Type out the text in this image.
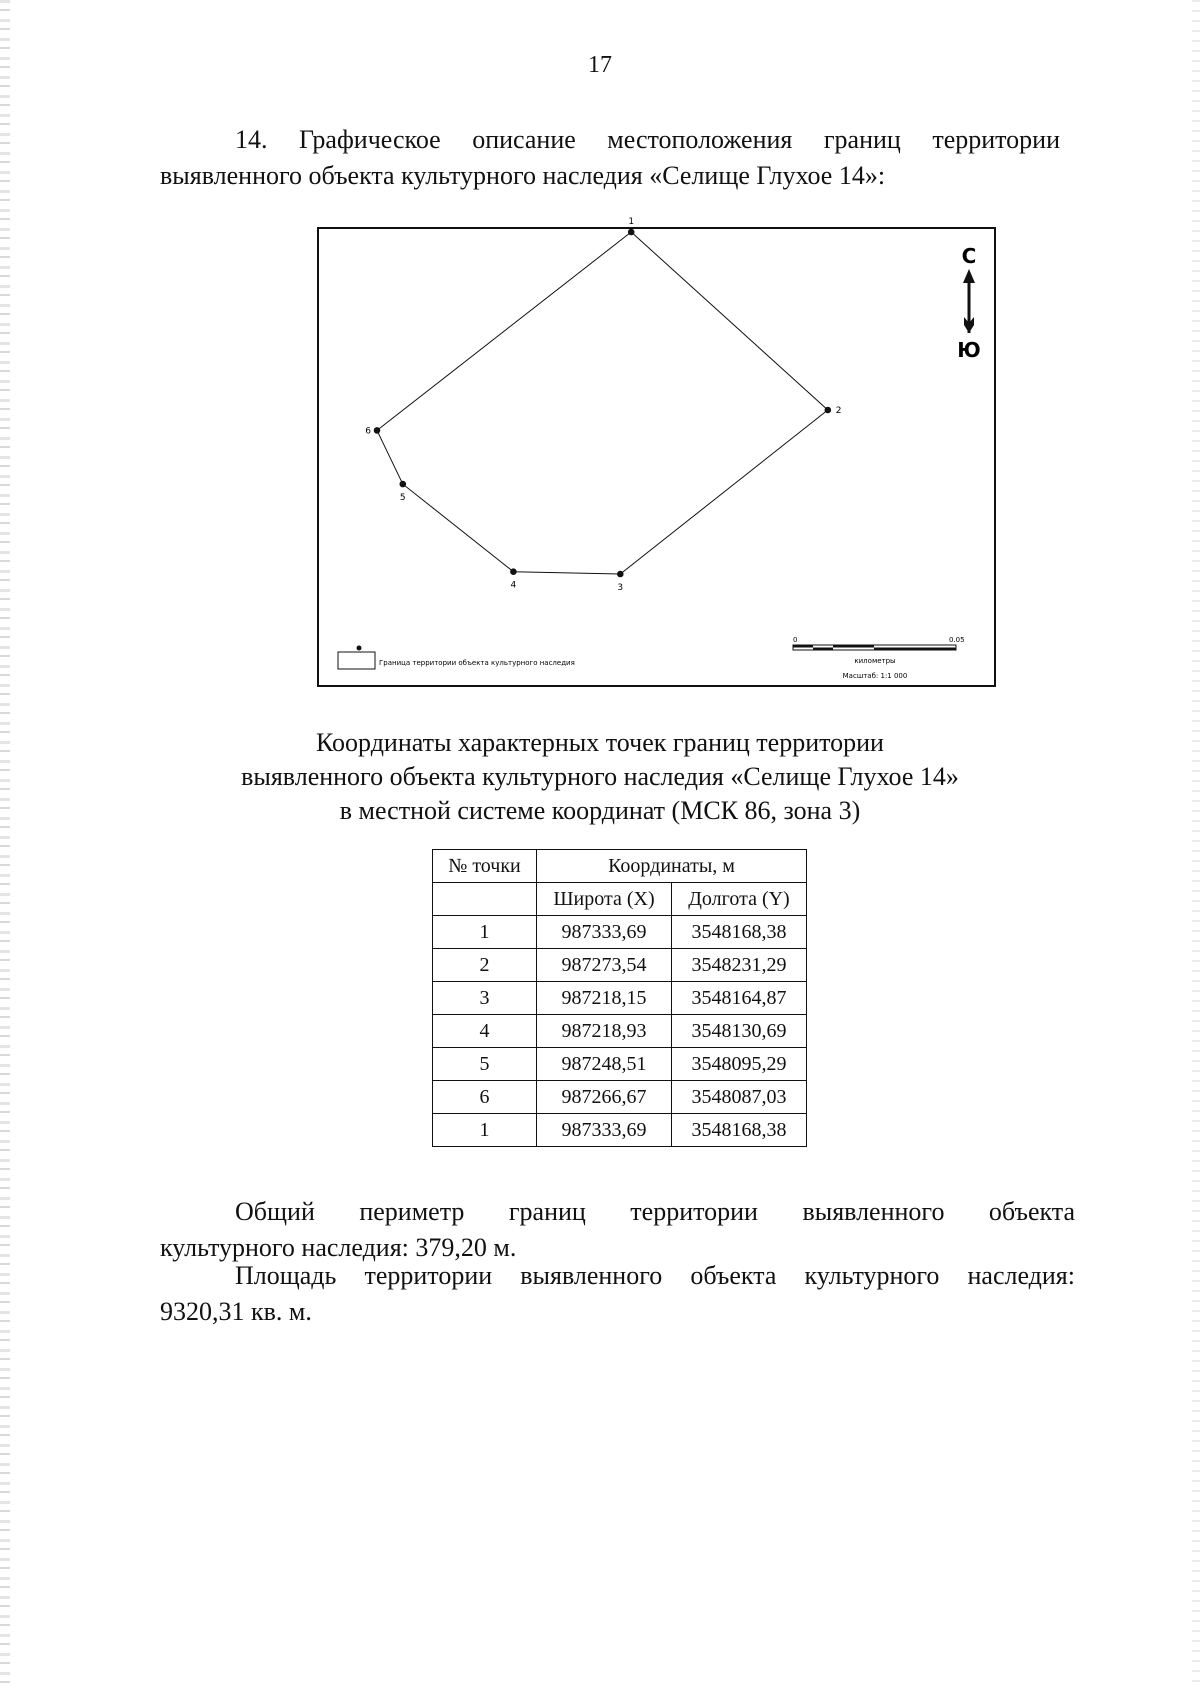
17
14. Графическое описание местоположения границ территории
выявленного объекта культурного наследия «Селище Глухое 14»:
1
2
3
4
5
6
С
Ю
Граница территории объекта культурного наследия
0	0.05
километры
Масштаб: 1:1 000
Координаты характерных точек границ территории
выявленного объекта культурного наследия «Селище Глухое 14»
в местной системе координат (МСК 86, зона 3)
№ точки	Координаты, м	
	Широта (X)	Долгота (Y)
1	987333,69	3548168,38
2	987273,54	3548231,29
3	987218,15	3548164,87
4	987218,93	3548130,69
5	987248,51	3548095,29
6	987266,67	3548087,03
1	987333,69	3548168,38
Общий периметр границ территории выявленного объекта
культурного наследия: 379,20 м.
Площадь территории выявленного объекта культурного наследия:
9320,31 кв. м.
